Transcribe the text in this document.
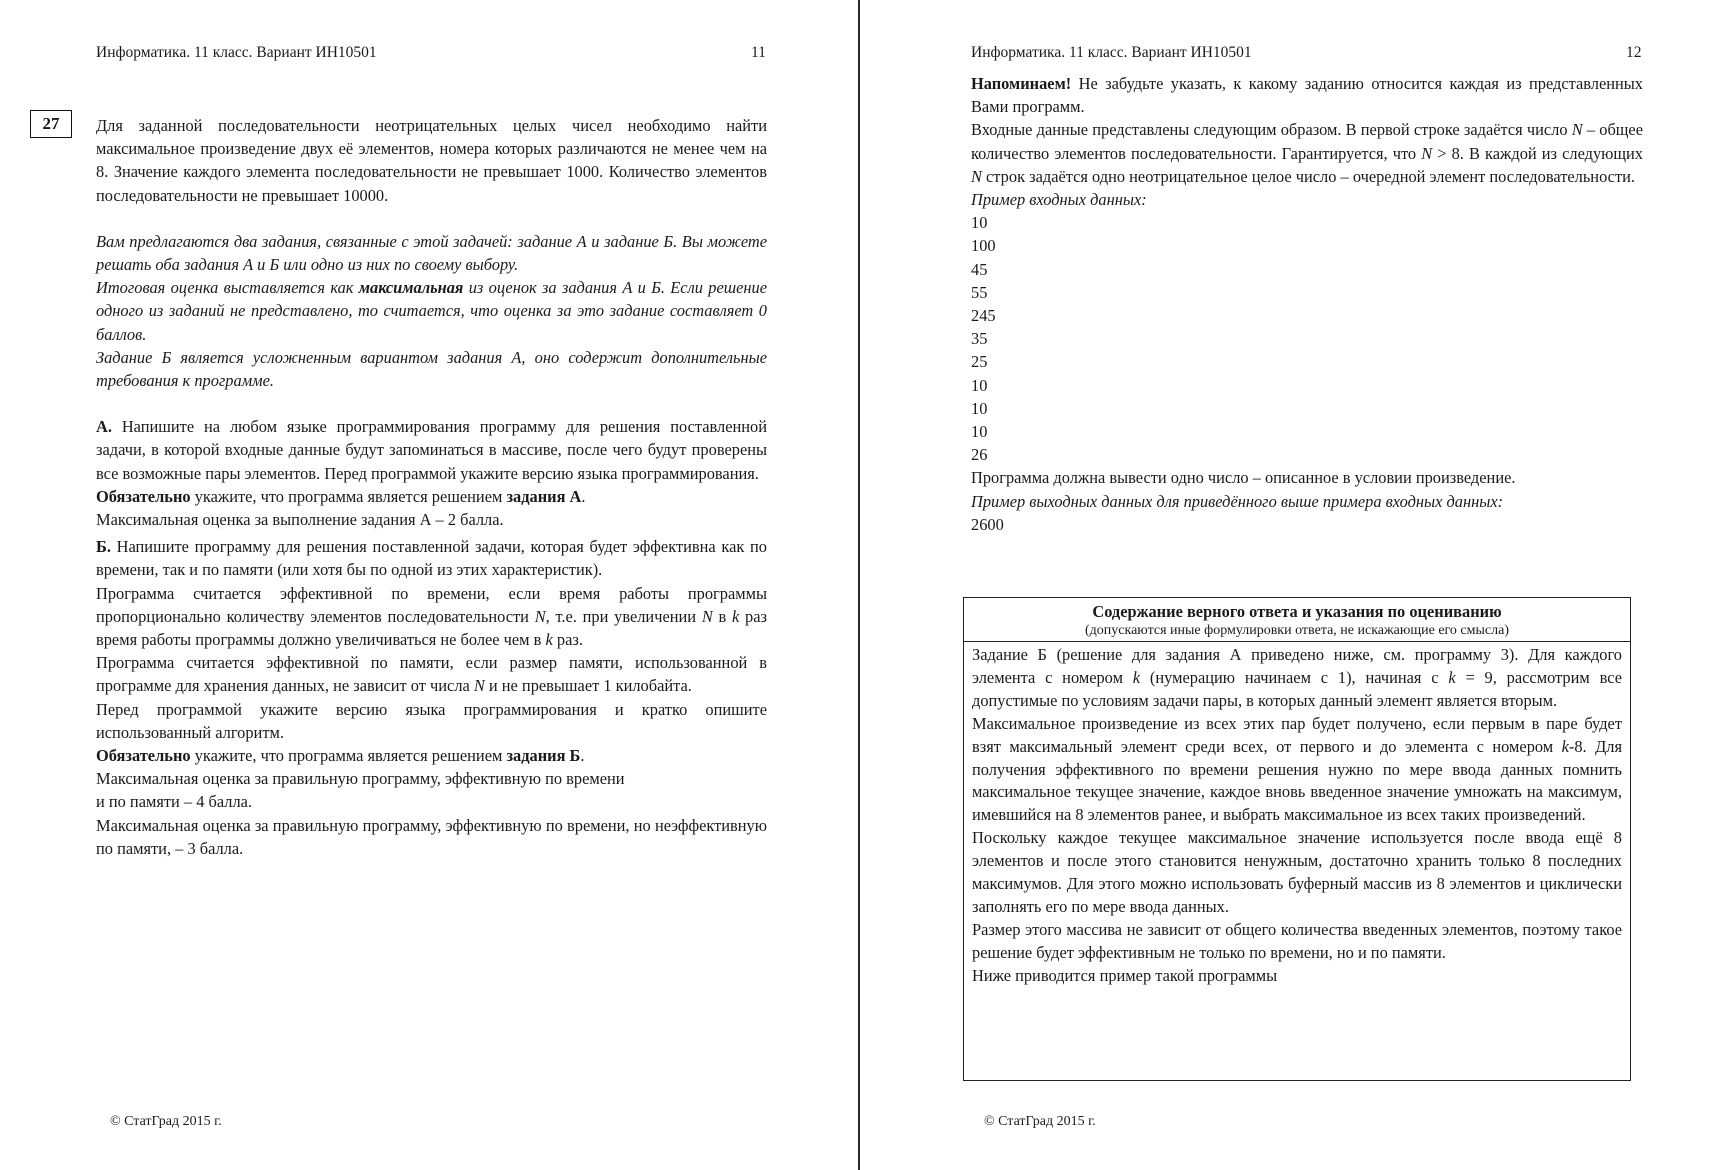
Информатика. 11 класс. Вариант ИН10501	11
27	Для заданной последовательности неотрицательных целых чисел необходимо найти максимальное произведение двух её элементов, номера которых различаются не менее чем на 8. Значение каждого элемента последовательности не превышает 1000. Количество элементов последовательности не превышает 10000.

Вам предлагаются два задания, связанные с этой задачей: задание А и задание Б. Вы можете решать оба задания А и Б или одно из них по своему выбору.

Итоговая оценка выставляется как максимальная из оценок за задания А и Б. Если решение одного из заданий не представлено, то считается, что оценка за это задание составляет 0 баллов.

Задание Б является усложненным вариантом задания А, оно содержит дополнительные требования к программе.

А. Напишите на любом языке программирования программу для решения поставленной задачи, в которой входные данные будут запоминаться в массиве, после чего будут проверены все возможные пары элементов. Перед программой укажите версию языка программирования.

Обязательно укажите, что программа является решением задания А.

Максимальная оценка за выполнение задания А – 2 балла.

Б. Напишите программу для решения поставленной задачи, которая будет эффективна как по времени, так и по памяти (или хотя бы по одной из этих характеристик).

Программа считается эффективной по времени, если время работы программы пропорционально количеству элементов последовательности N, т.е. при увеличении N в k раз время работы программы должно увеличиваться не более чем в k раз.

Программа считается эффективной по памяти, если размер памяти, использованной в программе для хранения данных, не зависит от числа N и не превышает 1 килобайта.

Перед программой укажите версию языка программирования и кратко опишите использованный алгоритм.

Обязательно укажите, что программа является решением задания Б.

Максимальная оценка за правильную программу, эффективную по времени
и по памяти – 4 балла.

Максимальная оценка за правильную программу, эффективную по времени, но неэффективную по памяти, – 3 балла.

© СтатГрад 2015 г.
Информатика. 11 класс. Вариант ИН10501	12

Напоминаем! Не забудьте указать, к какому заданию относится каждая из представленных Вами программ.

Входные данные представлены следующим образом. В первой строке задаётся число N – общее количество элементов последовательности. Гарантируется, что N > 8. В каждой из следующих N строк задаётся одно неотрицательное целое число – очередной элемент последовательности.

Пример входных данных:

10

100

45

55

245

35

25

10

10

10

26

Программа должна вывести одно число – описанное в условии произведение.

Пример выходных данных для приведённого выше примера входных данных:

2600

Содержание верного ответа и указания по оцениванию
(допускаются иные формулировки ответа, не искажающие его смысла)

Задание Б (решение для задания А приведено ниже, см. программу 3). Для каждого элемента с номером k (нумерацию начинаем с 1), начиная с k = 9, рассмотрим все допустимые по условиям задачи пары, в которых данный элемент является вторым.

Максимальное произведение из всех этих пар будет получено, если первым в паре будет взят максимальный элемент среди всех, от первого и до элемента с номером k-8. Для получения эффективного по времени решения нужно по мере ввода данных помнить максимальное текущее значение, каждое вновь введенное значение умножать на максимум, имевшийся на 8 элементов ранее, и выбрать максимальное из всех таких произведений.

Поскольку каждое текущее максимальное значение используется после ввода ещё 8 элементов и после этого становится ненужным, достаточно хранить только 8 последних максимумов. Для этого можно использовать буферный массив из 8 элементов и циклически заполнять его по мере ввода данных.

Размер этого массива не зависит от общего количества введенных элементов, поэтому такое решение будет эффективным не только по времени, но и по памяти.

Ниже приводится пример такой программы

© СтатГрад 2015 г.
